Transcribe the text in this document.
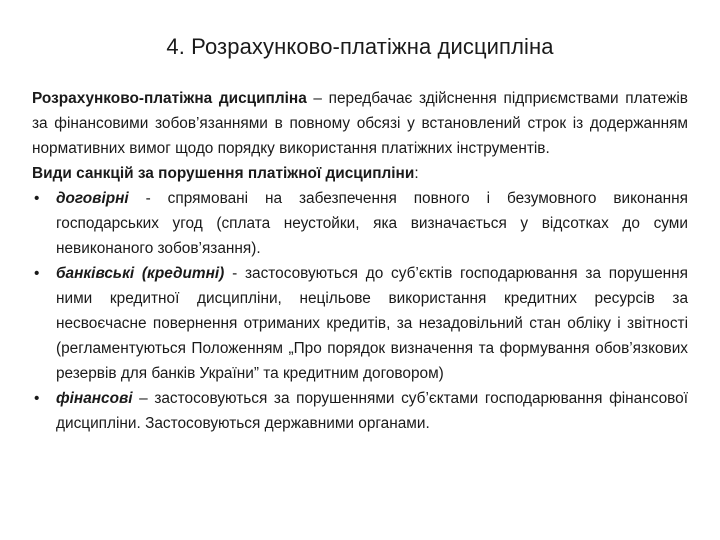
4. Розрахунково-платіжна дисципліна

Розрахунково-платіжна дисципліна – передбачає здійснення підприємствами платежів за фінансовими зобов’язаннями в повному обсязі у встановлений строк із додержанням нормативних вимог щодо порядку використання платіжних інструментів.

Види санкцій за порушення платіжної дисципліни:

• договірні - спрямовані на забезпечення повного і безумовного виконання господарських угод (сплата неустойки, яка визначається у відсотках до суми невиконаного зобов’язання).
• банківські (кредитні) - застосовуються до суб’єктів господарювання за порушення ними кредитної дисципліни, нецільове використання кредитних ресурсів за несвоєчасне повернення отриманих кредитів, за незадовільний стан обліку і звітності (регламентуються Положенням „Про порядок визначення та формування обов’язкових резервів для банків України” та кредитним договором)
• фінансові – застосовуються за порушеннями суб’єктами господарювання фінансової дисципліни. Застосовуються державними органами.
